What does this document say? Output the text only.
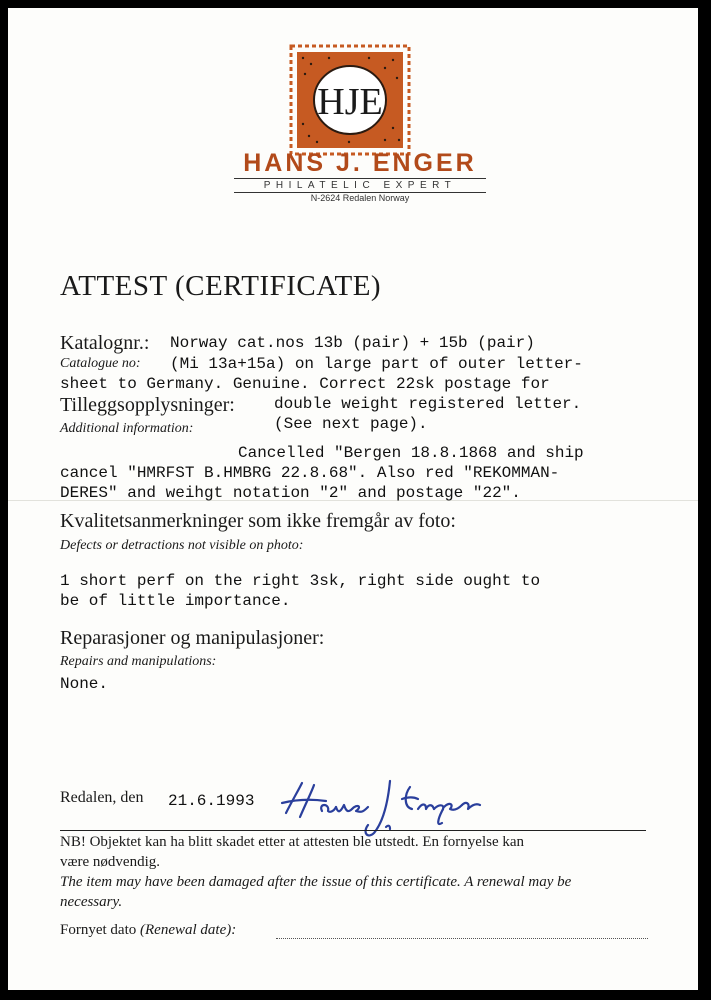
HJE
HANS J. ENGER
PHILATELIC EXPERT
N-2624 Redalen Norway
ATTEST (CERTIFICATE)
Katalognr.:
Catalogue no:
Norway cat.nos 13b (pair) + 15b (pair)
(Mi 13a+15a) on large part of outer letter-
sheet to Germany. Genuine. Correct 22sk postage for
double weight registered letter.
(See next page).
Tilleggsopplysninger:
Additional information:
Cancelled "Bergen 18.8.1868 and ship
cancel "HMRFST B.HMBRG 22.8.68". Also red "REKOMMAN-
DERES" and weihgt notation "2" and postage "22".
Kvalitetsanmerkninger som ikke fremgår av foto:
Defects or detractions not visible on photo:
1 short perf on the right 3sk, right side ought to
be of little importance.
Reparasjoner og manipulasjoner:
Repairs and manipulations:
None.
Redalen, den 21.6.1993
NB! Objektet kan ha blitt skadet etter at attesten ble utstedt. En fornyelse kan
være nødvendig.
The item may have been damaged after the issue of this certificate. A renewal may be
necessary.
Fornyet dato (Renewal date):
